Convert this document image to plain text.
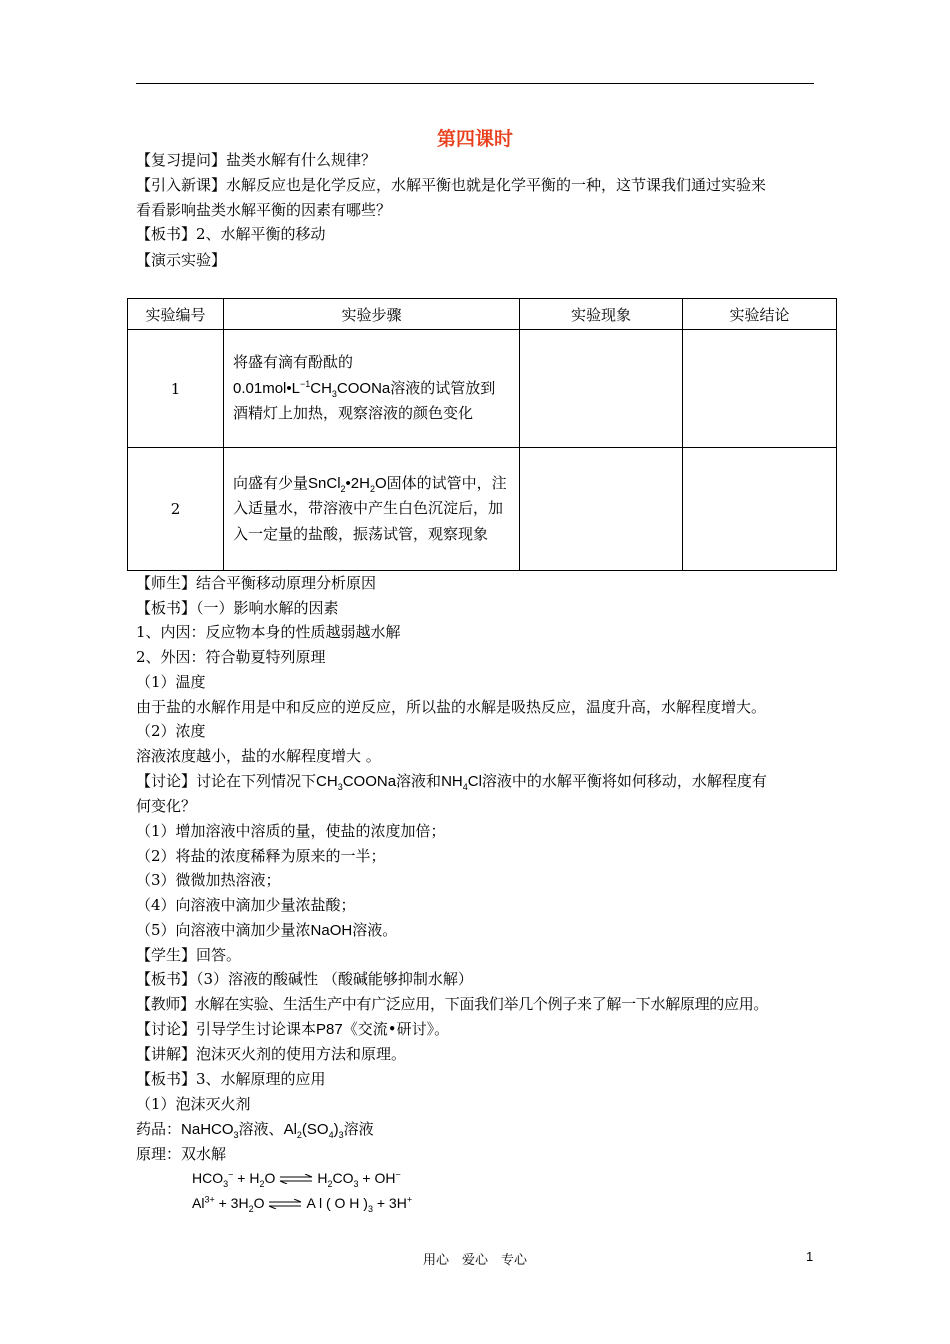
第四课时
【复习提问】盐类水解有什么规律？
【引入新课】水解反应也是化学反应，水解平衡也就是化学平衡的一种，这节课我们通过实验来
看看影响盐类水解平衡的因素有哪些？
【板书】2、水解平衡的移动
【演示实验】
实验编号	实验步骤	实验现象	实验结论
1	将盛有滴有酚酞的$0.01mol•L^{-1}CH_3COONa$溶液的试管放到酒精灯上加热，观察溶液的颜色变化		
2	向盛有少量$SnCl_2•2H_2O$固体的试管中，注入适量水，带溶液中产生白色沉淀后，加入一定量的盐酸，振荡试管，观察现象		
【师生】结合平衡移动原理分析原因
【板书】（一）影响水解的因素
1、内因：反应物本身的性质越弱越水解
2、外因：符合勒夏特列原理
（1）温度
由于盐的水解作用是中和反应的逆反应，所以盐的水解是吸热反应，温度升高，水解程度增大。
（2）浓度
溶液浓度越小，盐的水解程度增大 。
【讨论】讨论在下列情况下$CH_3COONa$溶液和$NH_4Cl$溶液中的水解平衡将如何移动，水解程度有
何变化？
（1）增加溶液中溶质的量，使盐的浓度加倍；
（2）将盐的浓度稀释为原来的一半；
（3）微微加热溶液；
（4）向溶液中滴加少量浓盐酸；
（5）向溶液中滴加少量浓NaOH溶液。
【学生】回答。
【板书】（3）溶液的酸碱性 （酸碱能够抑制水解）
【教师】水解在实验、生活生产中有广泛应用，下面我们举几个例子来了解一下水解原理的应用。
【讨论】引导学生讨论课本P87《交流•研讨》。
【讲解】泡沫灭火剂的使用方法和原理。
【板书】3、水解原理的应用
（1）泡沫灭火剂
药品：NaHCO$_3$溶液、$Al_2(SO_4)_3$溶液
原理：双水解
$HCO_3^- + H_2O$ ⇌ $H_2CO_3 + OH^-$
$Al^{3+} + 3H_2O$ ⇌ A l ( O H )$_3 + 3H^+$
用心　爱心　专心	1
